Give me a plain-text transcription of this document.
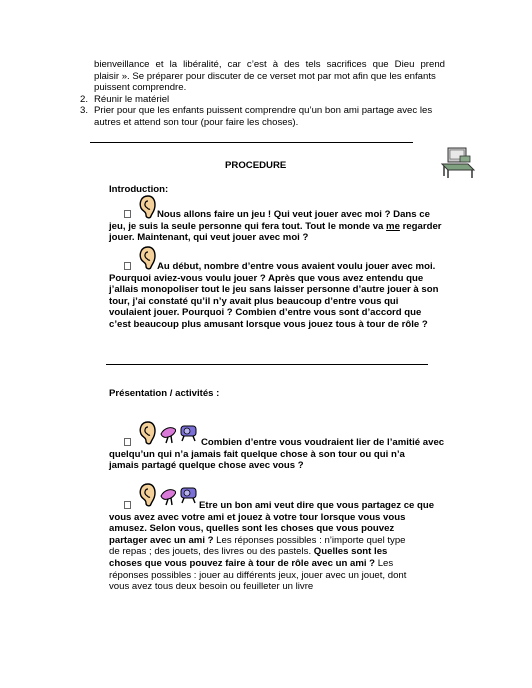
bienveillance et la libéralité, car c’est à des tels sacrifices que Dieu prend
plaisir ». Se préparer pour discuter de ce verset mot par mot afin que les enfants
puissent comprendre.
2. Réunir le matériel
3. Prier pour que les enfants puissent comprendre qu’un bon ami partage avec les
autres et attend son tour (pour faire les choses).
PROCEDURE
Introduction:
Nous allons faire un jeu ! Qui veut jouer avec moi ? Dans ce
jeu, je suis la seule personne qui fera tout. Tout le monde va me regarder
jouer. Maintenant, qui veut jouer avec moi ?
Au début, nombre d’entre vous avaient voulu jouer avec moi.
Pourquoi aviez-vous voulu jouer ? Après que vous avez entendu que
j’allais monopoliser tout le jeu sans laisser personne d’autre jouer à son
tour, j’ai constaté qu’il n’y avait plus beaucoup d’entre vous qui
voulaient jouer. Pourquoi ? Combien d’entre vous sont d’accord que
c’est beaucoup plus amusant lorsque vous jouez tous à tour de rôle ?
Présentation / activités :
Combien d’entre vous voudraient lier de l’amitié avec
quelqu’un qui n’a jamais fait quelque chose à son tour ou qui n’a
jamais partagé quelque chose avec vous ?
Etre un bon ami veut dire que vous partagez ce que
vous avez avec votre ami et jouez à votre tour lorsque vous vous
amusez. Selon vous, quelles sont les choses que vous pouvez
partager avec un ami ? Les réponses possibles : n’importe quel type
de repas ; des jouets, des livres ou des pastels. Quelles sont les
choses que vous pouvez faire à tour de rôle avec un ami ? Les
réponses possibles : jouer au différents jeux, jouer avec un jouet, dont
vous avez tous deux besoin ou feuilleter un livre
